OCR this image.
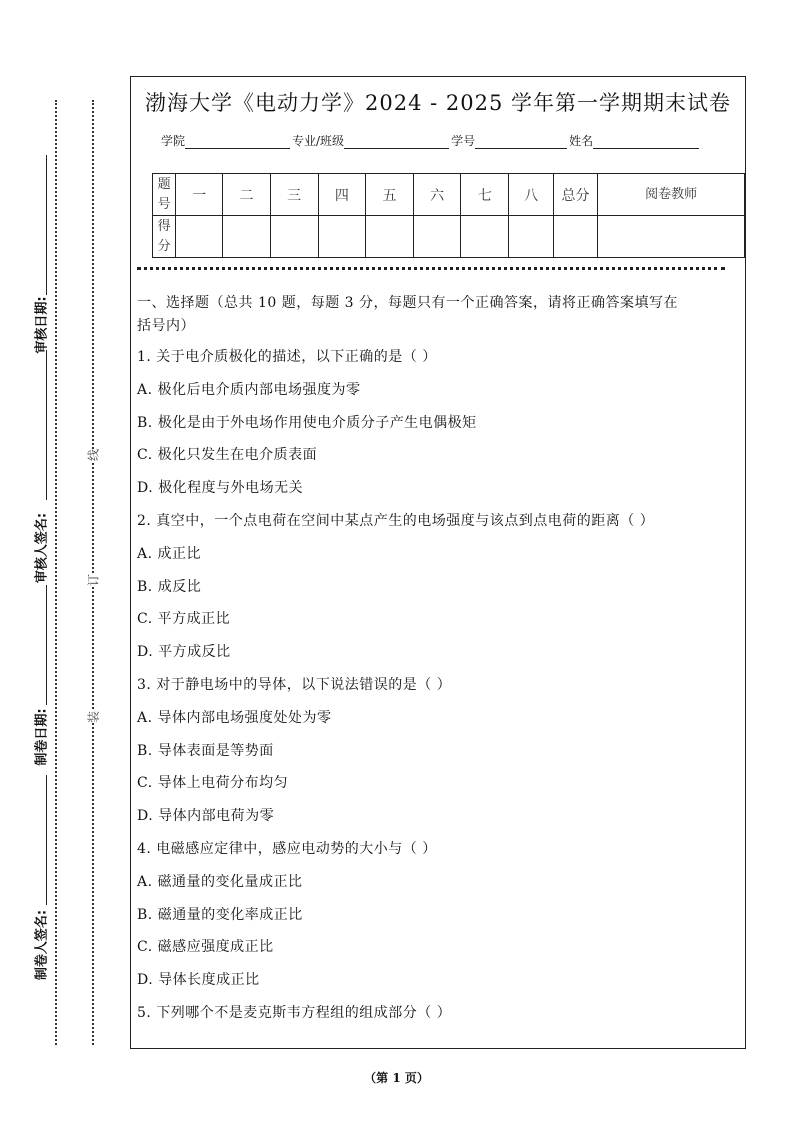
审核日期:
审核人签名:
制卷日期:
制卷人签名:
线
订
装
渤海大学《电动力学》2024 - 2025 学年第一学期期末试卷
学院	专业/班级	学号	姓名
题号	一	二	三	四	五	六	七	八	总分	阅卷教师
得分										
一、选择题（总共 10 题，每题 3 分，每题只有一个正确答案，请将正确答案填写在
括号内）
1. 关于电介质极化的描述，以下正确的是（ ）
A. 极化后电介质内部电场强度为零
B. 极化是由于外电场作用使电介质分子产生电偶极矩
C. 极化只发生在电介质表面
D. 极化程度与外电场无关
2. 真空中，一个点电荷在空间中某点产生的电场强度与该点到点电荷的距离（ ）
A. 成正比
B. 成反比
C. 平方成正比
D. 平方成反比
3. 对于静电场中的导体，以下说法错误的是（ ）
A. 导体内部电场强度处处为零
B. 导体表面是等势面
C. 导体上电荷分布均匀
D. 导体内部电荷为零
4. 电磁感应定律中，感应电动势的大小与（ ）
A. 磁通量的变化量成正比
B. 磁通量的变化率成正比
C. 磁感应强度成正比
D. 导体长度成正比
5. 下列哪个不是麦克斯韦方程组的组成部分（ ）
（第 1 页）
